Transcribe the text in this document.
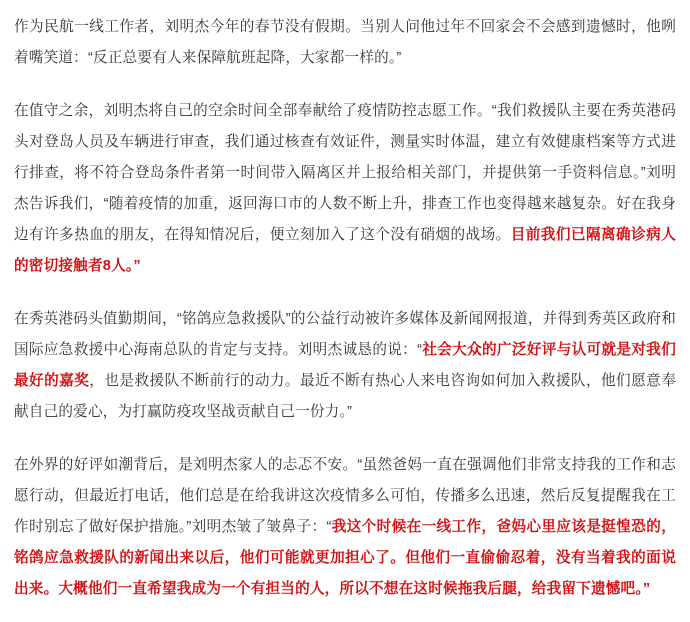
作为民航一线工作者，刘明杰今年的春节没有假期。当别人问他过年不回家会不会感到遗憾时，他咧着嘴笑道：“反正总要有人来保障航班起降，大家都一样的。”

在值守之余，刘明杰将自己的空余时间全部奉献给了疫情防控志愿工作。“我们救援队主要在秀英港码头对登岛人员及车辆进行审查，我们通过核查有效证件，测量实时体温，建立有效健康档案等方式进行排查，将不符合登岛条件者第一时间带入隔离区并上报给相关部门，并提供第一手资料信息。”刘明杰告诉我们，“随着疫情的加重，返回海口市的人数不断上升，排查工作也变得越来越复杂。好在我身边有许多热血的朋友，在得知情况后，便立刻加入了这个没有硝烟的战场。目前我们已隔离确诊病人的密切接触者8人。”

在秀英港码头值勤期间，“铭鸽应急救援队”的公益行动被许多媒体及新闻网报道，并得到秀英区政府和国际应急救援中心海南总队的肯定与支持。刘明杰诚恳的说：“社会大众的广泛好评与认可就是对我们最好的嘉奖，也是救援队不断前行的动力。最近不断有热心人来电咨询如何加入救援队，他们愿意奉献自己的爱心，为打赢防疫攻坚战贡献自己一份力。”

在外界的好评如潮背后，是刘明杰家人的忐忑不安。“虽然爸妈一直在强调他们非常支持我的工作和志愿行动，但最近打电话，他们总是在给我讲这次疫情多么可怕，传播多么迅速，然后反复提醒我在工作时别忘了做好保护措施。”刘明杰皱了皱鼻子：“我这个时候在一线工作，爸妈心里应该是挺惶恐的，铭鸽应急救援队的新闻出来以后，他们可能就更加担心了。但他们一直偷偷忍着，没有当着我的面说出来。大概他们一直希望我成为一个有担当的人，所以不想在这时候拖我后腿，给我留下遗憾吧。”
